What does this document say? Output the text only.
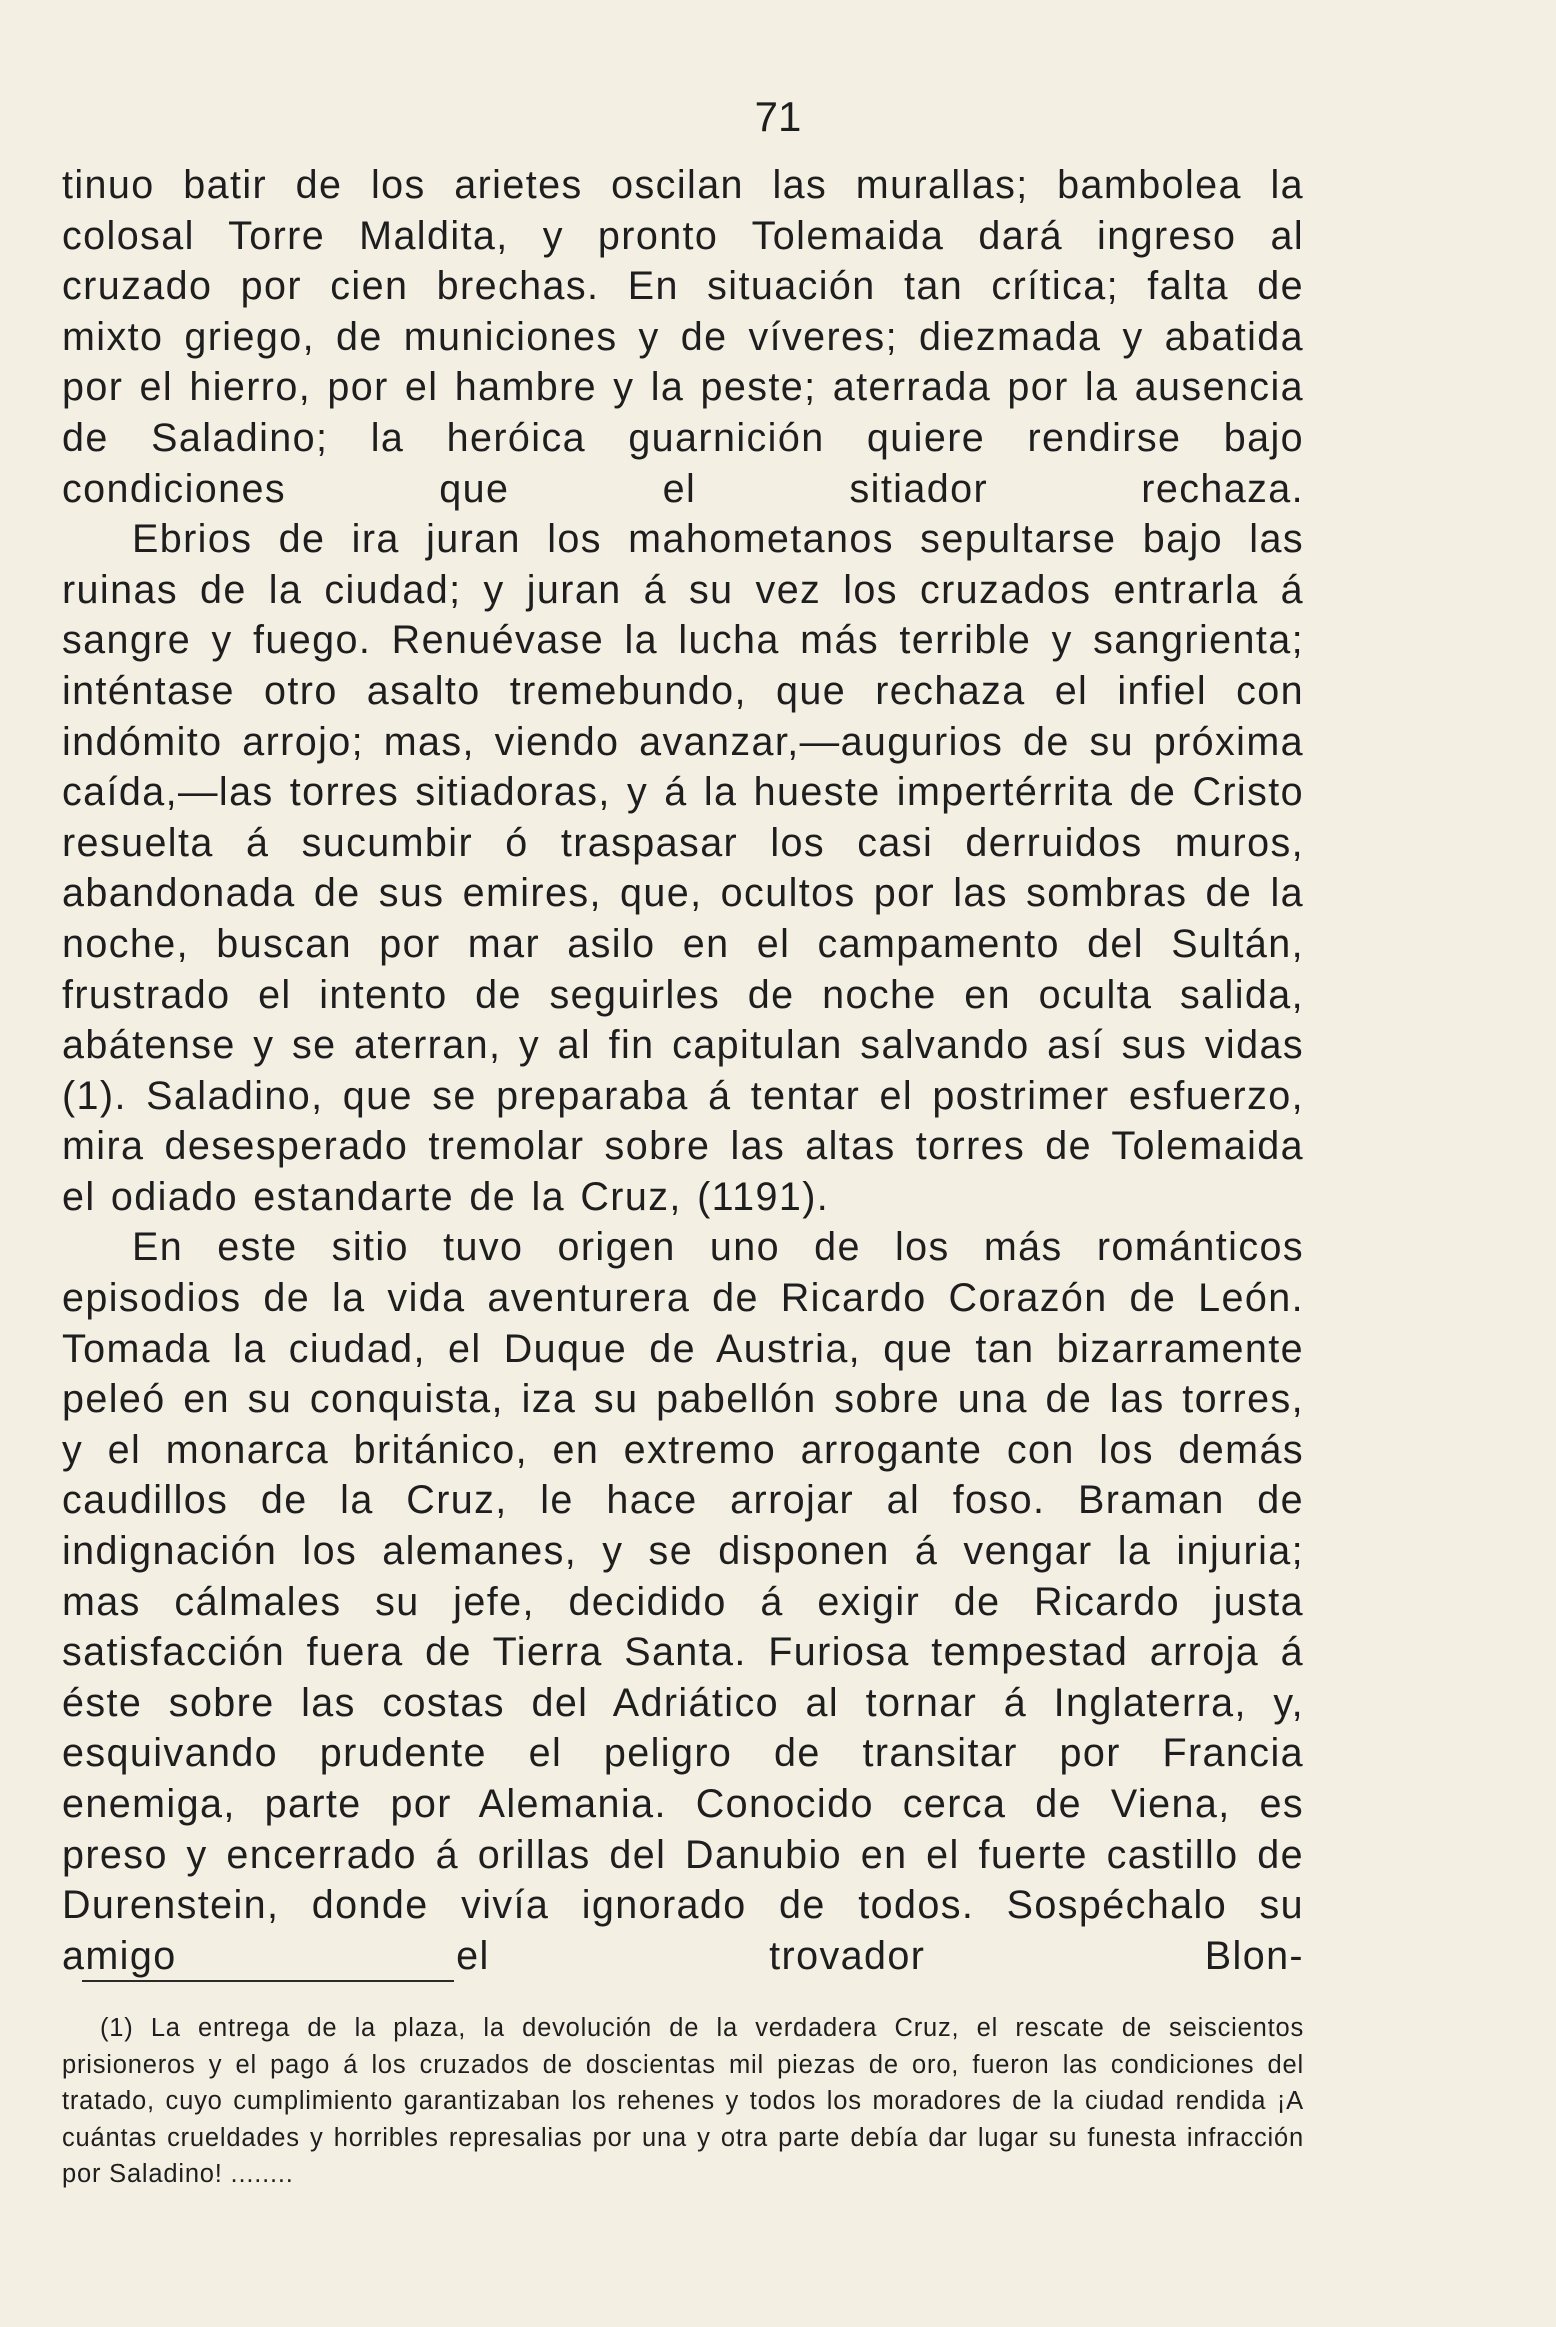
71

tinuo batir de los arietes oscilan las murallas; bambolea la colosal Torre Maldita, y pronto Tolemaida dará ingreso al cruzado por cien brechas. En situación tan crítica; falta de mixto griego, de municiones y de víveres; diezmada y abatida por el hierro, por el hambre y la peste; aterrada por la ausencia de Saladino; la heróica guarnición quiere rendirse bajo condiciones que el sitiador rechaza.

Ebrios de ira juran los mahometanos sepultarse bajo las ruinas de la ciudad; y juran á su vez los cruzados entrarla á sangre y fuego. Renuévase la lucha más terrible y sangrienta; inténtase otro asalto tremebundo, que rechaza el infiel con indómito arrojo; mas, viendo avanzar,—augurios de su próxima caída,—las torres sitiadoras, y á la hueste impertérrita de Cristo resuelta á sucumbir ó traspasar los casi derruidos muros, abandonada de sus emires, que, ocultos por las sombras de la noche, buscan por mar asilo en el campamento del Sultán, frustrado el intento de seguirles de noche en oculta salida, abátense y se aterran, y al fin capitulan salvando así sus vidas (1). Saladino, que se preparaba á tentar el postrimer esfuerzo, mira desesperado tremolar sobre las altas torres de Tolemaida el odiado estandarte de la Cruz, (1191).

En este sitio tuvo origen uno de los más románticos episodios de la vida aventurera de Ricardo Corazón de León. Tomada la ciudad, el Duque de Austria, que tan bizarramente peleó en su conquista, iza su pabellón sobre una de las torres, y el monarca británico, en extremo arrogante con los demás caudillos de la Cruz, le hace arrojar al foso. Braman de indignación los alemanes, y se disponen á vengar la injuria; mas cálmales su jefe, decidido á exigir de Ricardo justa satisfacción fuera de Tierra Santa. Furiosa tempestad arroja á éste sobre las costas del Adriático al tornar á Inglaterra, y, esquivando prudente el peligro de transitar por Francia enemiga, parte por Alemania. Conocido cerca de Viena, es preso y encerrado á orillas del Danubio en el fuerte castillo de Durenstein, donde vivía ignorado de todos. Sospéchalo su amigo el trovador Blon-

(1) La entrega de la plaza, la devolución de la verdadera Cruz, el rescate de seiscientos prisioneros y el pago á los cruzados de doscientas mil piezas de oro, fueron las condiciones del tratado, cuyo cumplimiento garantizaban los rehenes y todos los moradores de la ciudad rendida ¡A cuántas crueldades y horribles represalias por una y otra parte debía dar lugar su funesta infracción por Saladino! ........
